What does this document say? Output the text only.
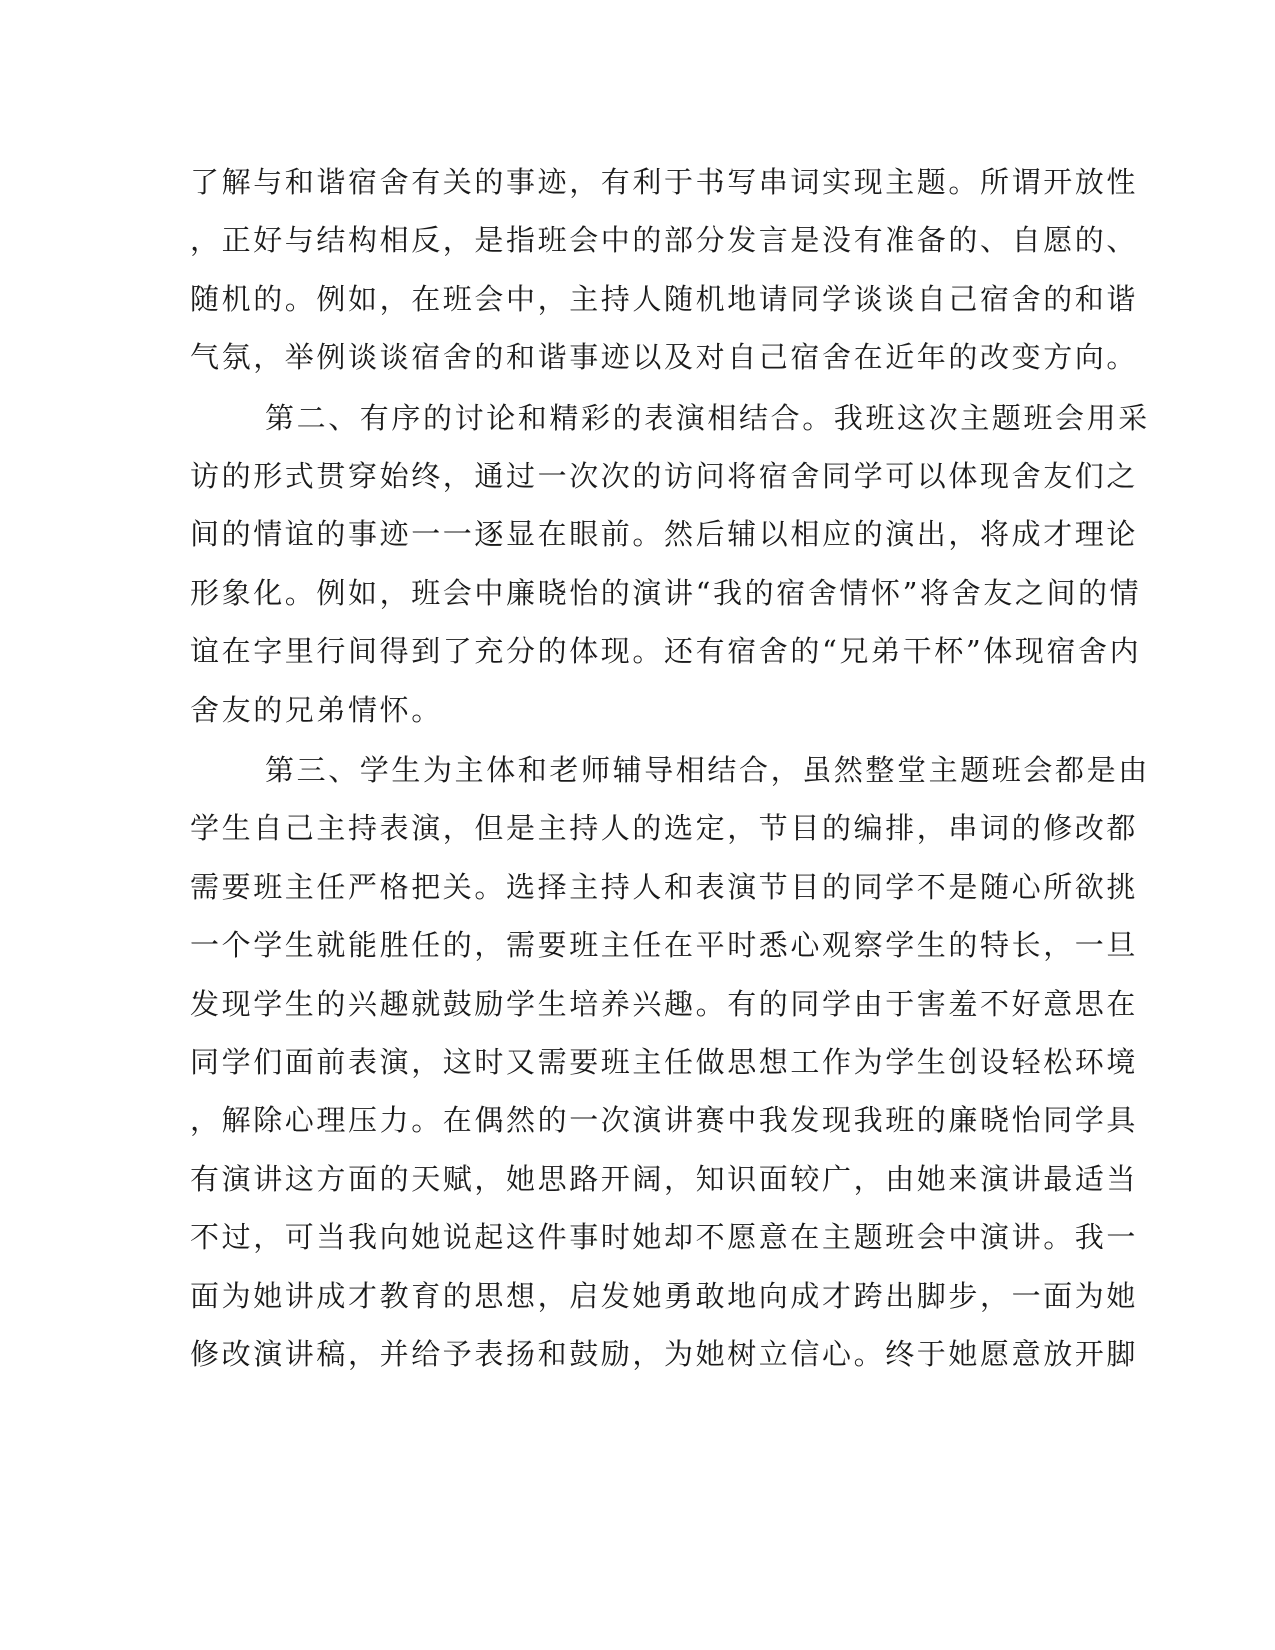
了解与和谐宿舍有关的事迹，有利于书写串词实现主题。所谓开放性
，正好与结构相反，是指班会中的部分发言是没有准备的、自愿的、
随机的。例如，在班会中，主持人随机地请同学谈谈自己宿舍的和谐
气氛，举例谈谈宿舍的和谐事迹以及对自己宿舍在近年的改变方向。
第二、有序的讨论和精彩的表演相结合。我班这次主题班会用采
访的形式贯穿始终，通过一次次的访问将宿舍同学可以体现舍友们之
间的情谊的事迹一一逐显在眼前。然后辅以相应的演出，将成才理论
形象化。例如，班会中廉晓怡的演讲“我的宿舍情怀”将舍友之间的情
谊在字里行间得到了充分的体现。还有宿舍的“兄弟干杯”体现宿舍内
舍友的兄弟情怀。
第三、学生为主体和老师辅导相结合，虽然整堂主题班会都是由
学生自己主持表演，但是主持人的选定，节目的编排，串词的修改都
需要班主任严格把关。选择主持人和表演节目的同学不是随心所欲挑
一个学生就能胜任的，需要班主任在平时悉心观察学生的特长，一旦
发现学生的兴趣就鼓励学生培养兴趣。有的同学由于害羞不好意思在
同学们面前表演，这时又需要班主任做思想工作为学生创设轻松环境
，解除心理压力。在偶然的一次演讲赛中我发现我班的廉晓怡同学具
有演讲这方面的天赋，她思路开阔，知识面较广，由她来演讲最适当
不过，可当我向她说起这件事时她却不愿意在主题班会中演讲。我一
面为她讲成才教育的思想，启发她勇敢地向成才跨出脚步，一面为她
修改演讲稿，并给予表扬和鼓励，为她树立信心。终于她愿意放开脚
